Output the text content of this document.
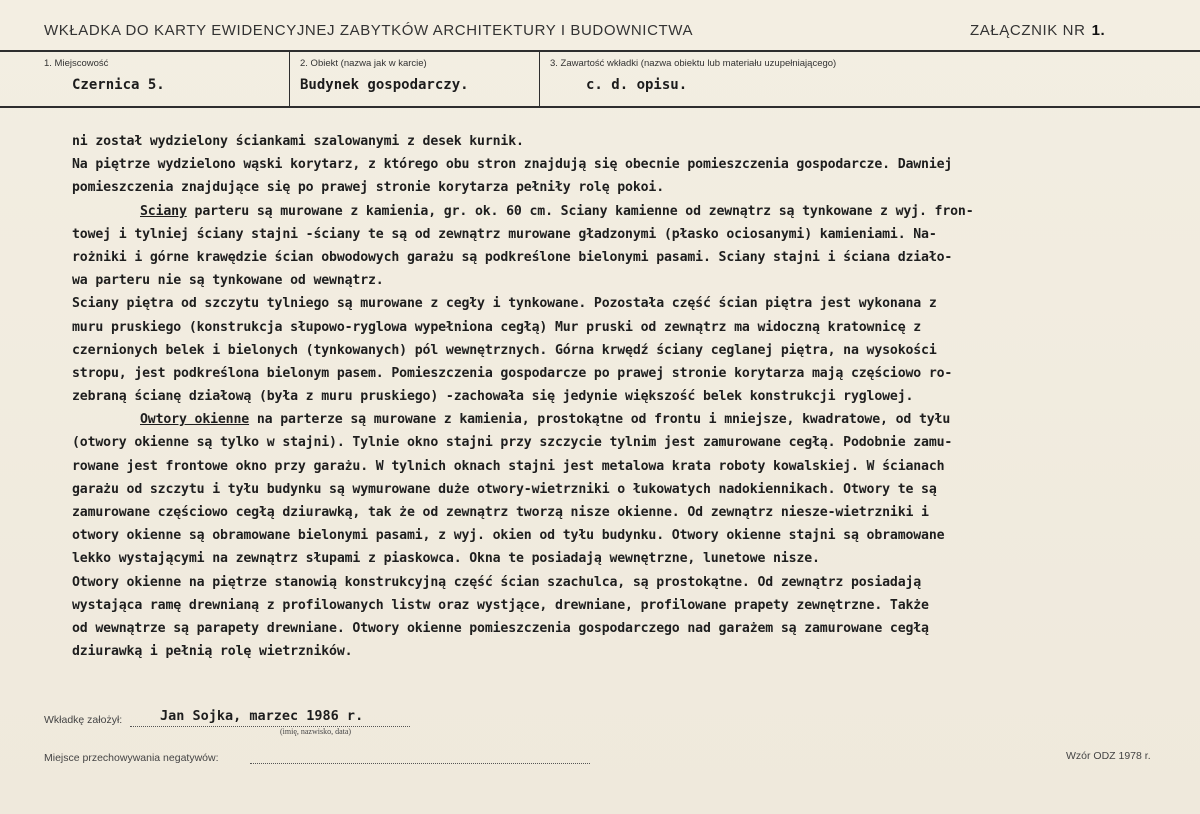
WKŁADKA DO KARTY EWIDENCYJNEJ ZABYTKÓW ARCHITEKTURY I BUDOWNICTWA	ZAŁĄCZNIK NR 1.
1. Miejscowość
Czernica 5.
2. Obiekt (nazwa jak w karcie)
Budynek gospodarczy.
3. Zawartość wkładki (nazwa obiektu lub materiału uzupełniającego)
c. d. opisu.
ni został wydzielony ściankami szalowanymi z desek kurnik.
Na piętrze wydzielono wąski korytarz, z którego obu stron znajdują się obecnie pomieszczenia gospodarcze. Dawniej
pomieszczenia znajdujące się po prawej stronie korytarza pełniły rolę pokoi.
Sciany parteru są murowane z kamienia, gr. ok. 60 cm. Sciany kamienne od zewnątrz są tynkowane z wyj. fron-
towej i tylniej ściany stajni -ściany te są od zewnątrz murowane gładzonymi (płasko ociosanymi) kamieniami. Na-
rożniki i górne krawędzie ścian obwodowych garażu są podkreślone bielonymi pasami. Sciany stajni i ściana działo-
wa parteru nie są tynkowane od wewnątrz.
Sciany piętra od szczytu tylniego są murowane z cegły i tynkowane. Pozostała część ścian piętra jest wykonana z
muru pruskiego (konstrukcja słupowo-ryglowa wypełniona cegłą) Mur pruski od zewnątrz ma widoczną kratownicę z
czernionych belek i bielonych (tynkowanych) pól wewnętrznych. Górna krwędź ściany ceglanej piętra, na wysokości
stropu, jest podkreślona bielonym pasem. Pomieszczenia gospodarcze po prawej stronie korytarza mają częściowo ro-
zebraną ścianę działową (była z muru pruskiego) -zachowała się jedynie większość belek konstrukcji ryglowej.
Owtory okienne na parterze są murowane z kamienia, prostokątne od frontu i mniejsze, kwadratowe, od tyłu
(otwory okienne są tylko w stajni). Tylnie okno stajni przy szczycie tylnim jest zamurowane cegłą. Podobnie zamu-
rowane jest frontowe okno przy garażu. W tylnich oknach stajni jest metalowa krata roboty kowalskiej. W ścianach
garażu od szczytu i tyłu budynku są wymurowane duże otwory-wietrzniki o łukowatych nadokiennikach. Otwory te są
zamurowane częściowo cegłą dziurawką, tak że od zewnątrz tworzą nisze okienne. Od zewnątrz niesze-wietrzniki i
otwory okienne są obramowane bielonymi pasami, z wyj. okien od tyłu budynku. Otwory okienne stajni są obramowane
lekko wystającymi na zewnątrz słupami z piaskowca. Okna te posiadają wewnętrzne, lunetowe nisze.
Otwory okienne na piętrze stanowią konstrukcyjną część ścian szachulca, są prostokątne. Od zewnątrz posiadają
wystająca ramę drewnianą z profilowanych listw oraz wystjące, drewniane, profilowane prapety zewnętrzne. Także
od wewnątrze są parapety drewniane. Otwory okienne pomieszczenia gospodarczego nad garażem są zamurowane cegłą
dziurawką i pełnią rolę wietrzników.
Wkładkę założył:	Jan Sojka, marzec 1986 r.
(imię, nazwisko, data)
Miejsce przechowywania negatywów:	Wzór ODZ 1978 r.
